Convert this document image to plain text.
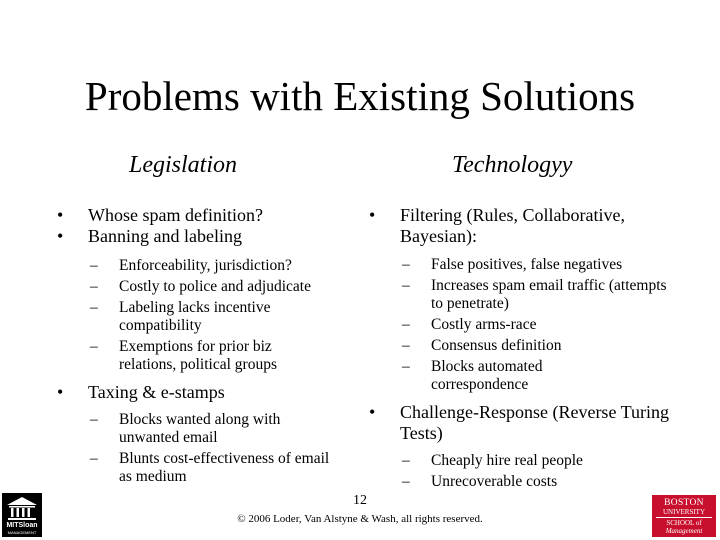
Problems with Existing Solutions
Legislation	Technologyy
• Whose spam definition?
• Banning and labeling
– Enforceability, jurisdiction?
– Costly to police and adjudicate
– Labeling lacks incentive compatibility
– Exemptions for prior biz relations, political groups
• Taxing & e-stamps
– Blocks wanted along with unwanted email
– Blunts cost-effectiveness of email as medium
• Filtering (Rules, Collaborative, Bayesian):
– False positives, false negatives
– Increases spam email traffic (attempts to penetrate)
– Costly arms-race
– Consensus definition
– Blocks automated correspondence
• Challenge-Response (Reverse Turing Tests)
– Cheaply hire real people
– Unrecoverable costs
12
© 2006 Loder, Van Alstyne & Wash, all rights reserved.
MITSloan
MANAGEMENT
BOSTON
UNIVERSITY
SCHOOL of
Management
